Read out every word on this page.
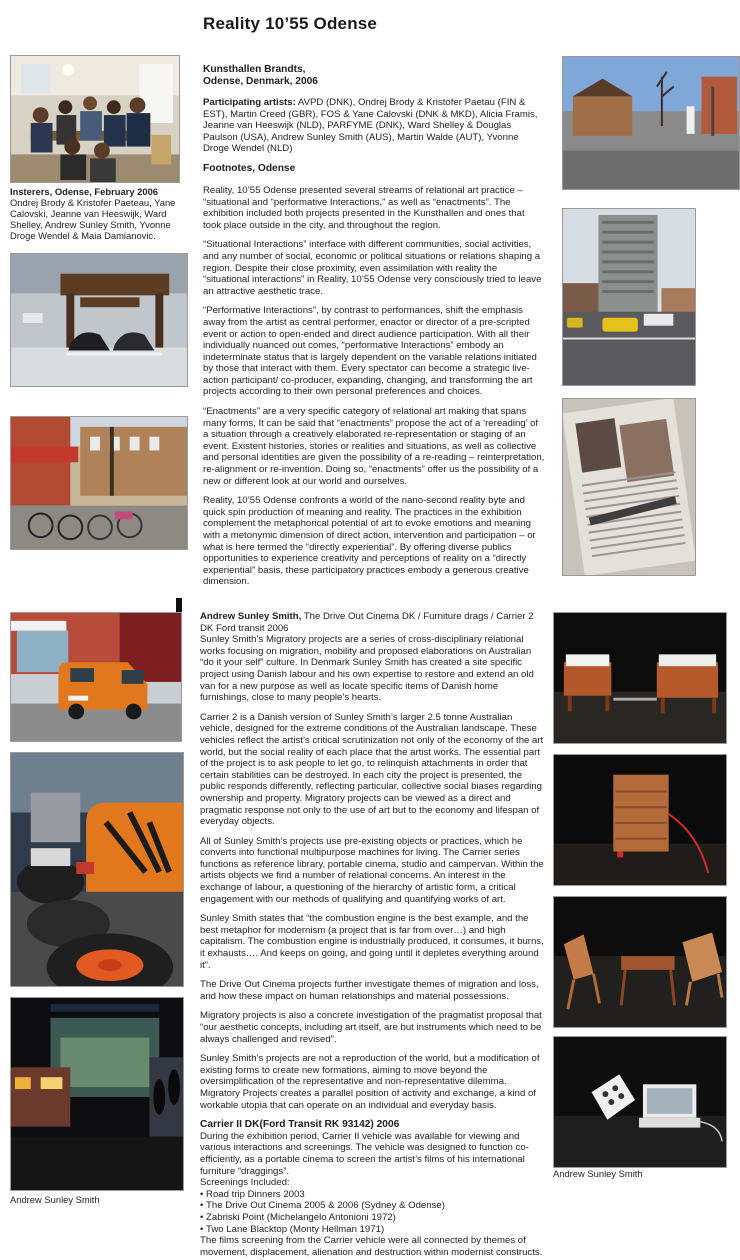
Reality 10’55 Odense
Insterers, Odense, February 2006
Ondrej Brody & Kristofer Paeteau, Yane Calovski, Jeanne van Heeswijk, Ward Shelley, Andrew Sunley Smith, Yvonne Droge Wendel & Maia Damianovic.
Kunsthallen Brandts,
Odense, Denmark, 2006

Participating artists: AVPD (DNK), Ondrej Brody & Kristofer Paetau (FIN & EST), Martin Creed (GBR), FOS & Yane Calovski (DNK & MKD), Alicia Framis, Jeanne van Heeswijk (NLD), PARFYME (DNK), Ward Shelley & Douglas Paulson (USA), Andrew Sunley Smith (AUS), Martin Walde (AUT), Yvonne Droge Wendel (NLD)

Footnotes, Odense

Reality, 10’55 Odense presented several streams of relational art practice – “situational and “performative Interactions,” as well as “enactments”. The exhibition included both projects presented in the Kunsthallen and ones that took place outside in the city, and throughout the region.

“Situational Interactions” interface with different communities, social activities, and any number of social, economic or political situations or relations shaping a region. Despite their close proximity, even assimilation with reality the “situational interactions” in Reality, 10’55 Odense very consciously tried to leave an attractive aesthetic trace.

“Performative Interactions”, by contrast to performances, shift the emphasis away from the artist as central performer, enactor or director of a pre-scripted event or action to open-ended and direct audience participation. With all their individually nuanced out comes, “performative Interactions” embody an indeterminate status that is largely dependent on the variable relations initiated by those that interact with them. Every spectator can become a strategic live-action participant/ co-producer, expanding, changing, and transforming the art projects according to their own personal preferences and choices.

“Enactments” are a very specific category of relational art making that spans many forms, It can be said that “enactments” propose the act of a ‘rereading’ of a situation through a creatively elaborated re-representation or staging of an event. Existent histories, stories or realities and situations, as well as collective and personal identities are given the possibility of a re-reading – reinterpretation, re-alignment or re-invention. Doing so, “enactments” offer us the possibility of a new or different look at our world and ourselves.

Reality, 10’55 Odense confronts a world of the nano-second reality byte and quick spin production of meaning and reality. The practices in the exhibition complement the metaphorical potential of art to evoke emotions and meaning with a metonymic dimension of direct action, intervention and participation – or what is here termed the “directly experiential”. By offering diverse publics opportunities to experience creativity and perceptions of reality on a “directly experiential” basis, these participatory practices embody a generous creative dimension.

Andrew Sunley Smith
Andrew Sunley Smith

Andrew Sunley Smith, The Drive Out Cinema DK / Furniture drags / Carrier 2 DK Ford transit 2006
Sunley Smith’s Migratory projects are a series of cross-disciplinary relational works focusing on migration, mobility and proposed elaborations on Australian “do it your self” culture. In Denmark Sunley Smith has created a site specific project using Danish labour and his own expertise to restore and extend an old van for a new purpose as well as locate specific items of Danish home furnishings, close to many people’s hearts.

Carrier 2 is a Danish version of Sunley Smith’s larger 2.5 tonne Australian vehicle, designed for the extreme conditions of the Australian landscape. These vehicles reflect the artist’s critical scrutinization not only of the economy of the art world, but the social reality of each place that the artist works. The essential part of the project is to ask people to let go, to relinquish attachments in order that certain stabilities can be destroyed. In each city the project is presented, the public responds differently, reflecting particular, collective social biases regarding ownership and property. Migratory projects can be viewed as a direct and pragmatic response not only to the use of art but to the economy and lifespan of everyday objects.

All of Sunley Smith’s projects use pre-existing objects or practices, which he converts into functional multipurpose machines for living. The Carrier series functions as reference library, portable cinema, studio and campervan. Within the artists objects we find a number of relational concerns. An interest in the exchange of labour, a questioning of the hierarchy of artistic form, a critical engagement with our methods of qualifying and quantifying works of art.

Sunley Smith states that “the combustion engine is the best example, and the best metaphor for modernism (a project that is far from over…) and high capitalism. The combustion engine is industrially produced, it consumes, it burns, it exhausts…. And keeps on going, and going until it depletes everything around it”.

The Drive Out Cinema projects further investigate themes of migration and loss, and how these impact on human relationships and material possessions.

Migratory projects is also a concrete investigation of the pragmatist proposal that “our aesthetic concepts, including art itself, are but instruments which need to be always challenged and revised”.

Sunley Smith’s projects are not a reproduction of the world, but a modification of existing forms to create new formations, aiming to move beyond the oversimplification of the representative and non-representative dilemma. Migratory Projects creates a parallel position of activity and exchange, a kind of workable utopia that can operate on an individual and everyday basis.

Carrier II DK(Ford Transit RK 93142) 2006
During the exhibition period, Carrier II vehicle was available for viewing and various interactions and screenings. The vehicle was designed to function co-efficiently, as a portable cinema to screen the artist’s films of his international furniture “draggings”.
Screenings Included:
• Road trip Dinners 2003
• The Drive Out Cinema 2005 & 2006 (Sydney & Odense)
• Zabriski Point (Michelangelo Antonioni 1972)
• Two Lane Blacktop (Monty Hellman 1971)
The films screening from the Carrier vehicle were all connected by themes of movement, displacement, alienation and destruction within modernist constructs.
